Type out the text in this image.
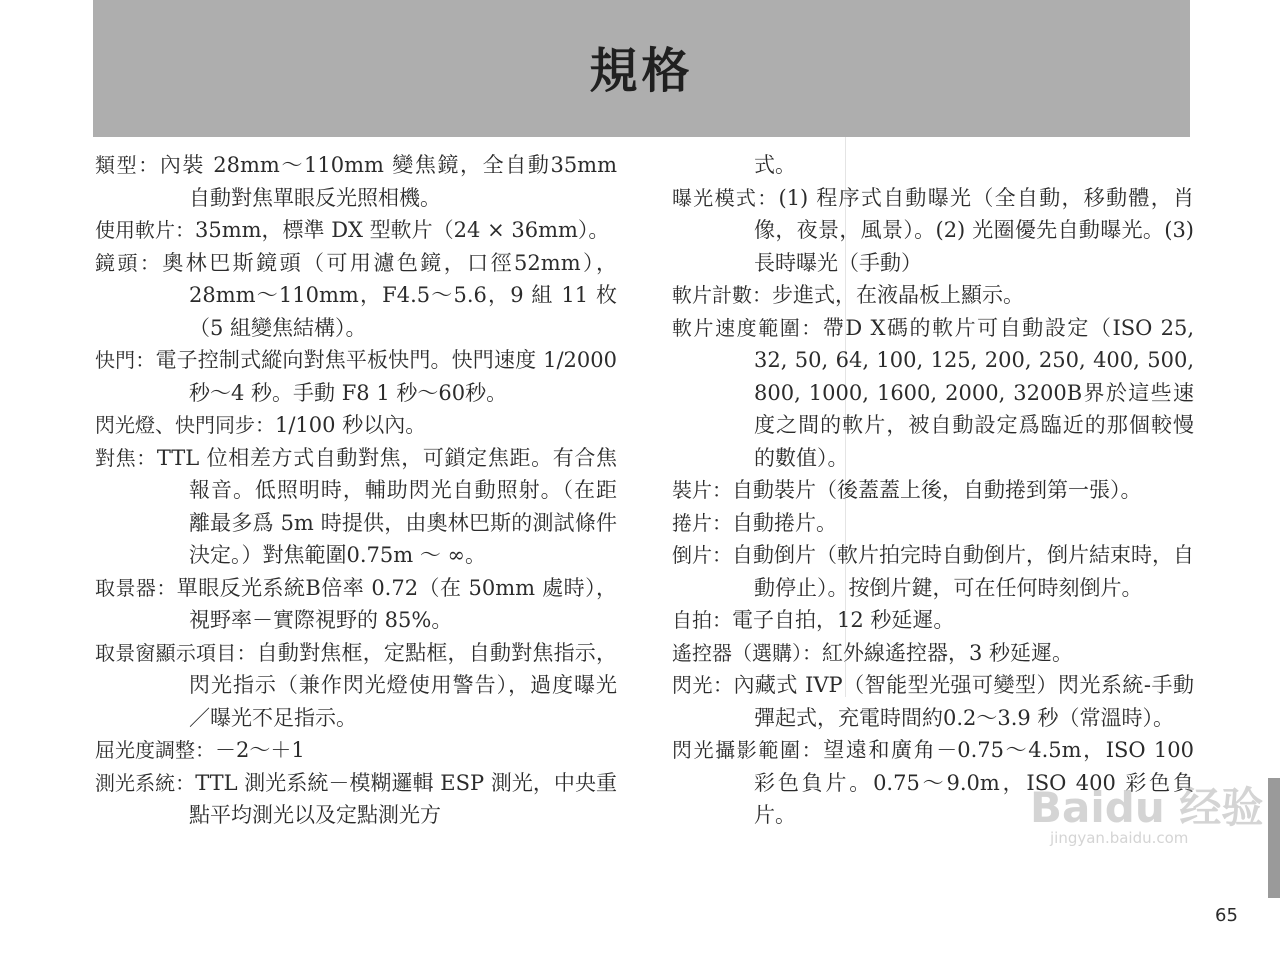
規格
類型：內裝 28mm～110mm 變焦鏡，全自動35mm 自動對焦單眼反光照相機。
使用軟片：35mm，標準 DX 型軟片（24 × 36mm）。
鏡頭：奧林巴斯鏡頭（可用濾色鏡，口徑52mm），28mm～110mm，F4.5～5.6，9 組 11 枚（5 組變焦結構）。
快門：電子控制式縱向對焦平板快門。快門速度 1/2000 秒～4 秒。手動 F8 1 秒～60秒。
閃光燈、快門同步：1/100 秒以內。
對焦：TTL 位相差方式自動對焦，可鎖定焦距。有合焦報音。低照明時，輔助閃光自動照射。（在距離最多爲 5m 時提供，由奧林巴斯的測試條件決定。）對焦範圍0.75m ～ ∞。
取景器：單眼反光系統B倍率 0.72（在 50mm 處時），視野率－實際視野的 85%。
取景窗顯示項目：自動對焦框，定點框，自動對焦指示，閃光指示（兼作閃光燈使用警告），過度曝光／曝光不足指示。
屈光度調整：－2～＋1
測光系統：TTL 測光系統－模糊邏輯 ESP 測光，中央重點平均測光以及定點測光方
式。
曝光模式：(1) 程序式自動曝光（全自動，移動體，肖像，夜景，風景）。(2) 光圈優先自動曝光。(3) 長時曝光（手動）
軟片計數：步進式，在液晶板上顯示。
軟片速度範圍：帶D X碼的軟片可自動設定（ISO 25, 32, 50, 64, 100, 125, 200, 250, 400, 500, 800, 1000, 1600, 2000, 3200B界於這些速度之間的軟片，被自動設定爲臨近的那個較慢的數值）。
裝片：自動裝片（後蓋蓋上後，自動捲到第一張）。
捲片：自動捲片。
倒片：自動倒片（軟片拍完時自動倒片，倒片結束時，自動停止）。按倒片鍵，可在任何時刻倒片。
自拍：電子自拍，12 秒延遲。
遙控器（選購）：紅外線遙控器，3 秒延遲。
閃光：內藏式 IVP（智能型光强可變型）閃光系統-手動彈起式，充電時間約0.2～3.9 秒（常溫時）。
閃光攝影範圍：望遠和廣角－0.75～4.5m，ISO 100 彩色負片。0.75～9.0m，ISO 400 彩色負片。	Baidu 经验
jingyan.baidu.com
65
